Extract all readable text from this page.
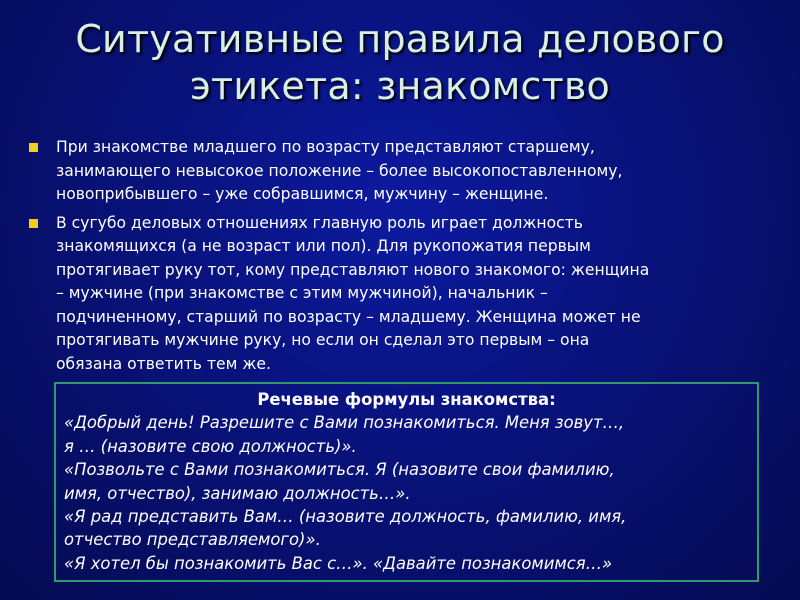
Ситуативные правила делового
этикета: знакомство
При знакомстве младшего по возрасту представляют старшему,
занимающего невысокое положение – более высокопоставленному,
новоприбывшего – уже собравшимся, мужчину – женщине.
В сугубо деловых отношениях главную роль играет должность
знакомящихся (а не возраст или пол). Для рукопожатия первым
протягивает руку тот, кому представляют нового знакомого: женщина
– мужчине (при знакомстве с этим мужчиной), начальник –
подчиненному, старший по возрасту – младшему. Женщина может не
протягивать мужчине руку, но если он сделал это первым – она
обязана ответить тем же.
Речевые формулы знакомства:
«Добрый день! Разрешите с Вами познакомиться. Меня зовут…,
я … (назовите свою должность)».
«Позвольте с Вами познакомиться. Я (назовите свои фамилию,
имя, отчество), занимаю должность…».
«Я рад представить Вам… (назовите должность, фамилию, имя,
отчество представляемого)».
«Я хотел бы познакомить Вас с…». «Давайте познакомимся…»
